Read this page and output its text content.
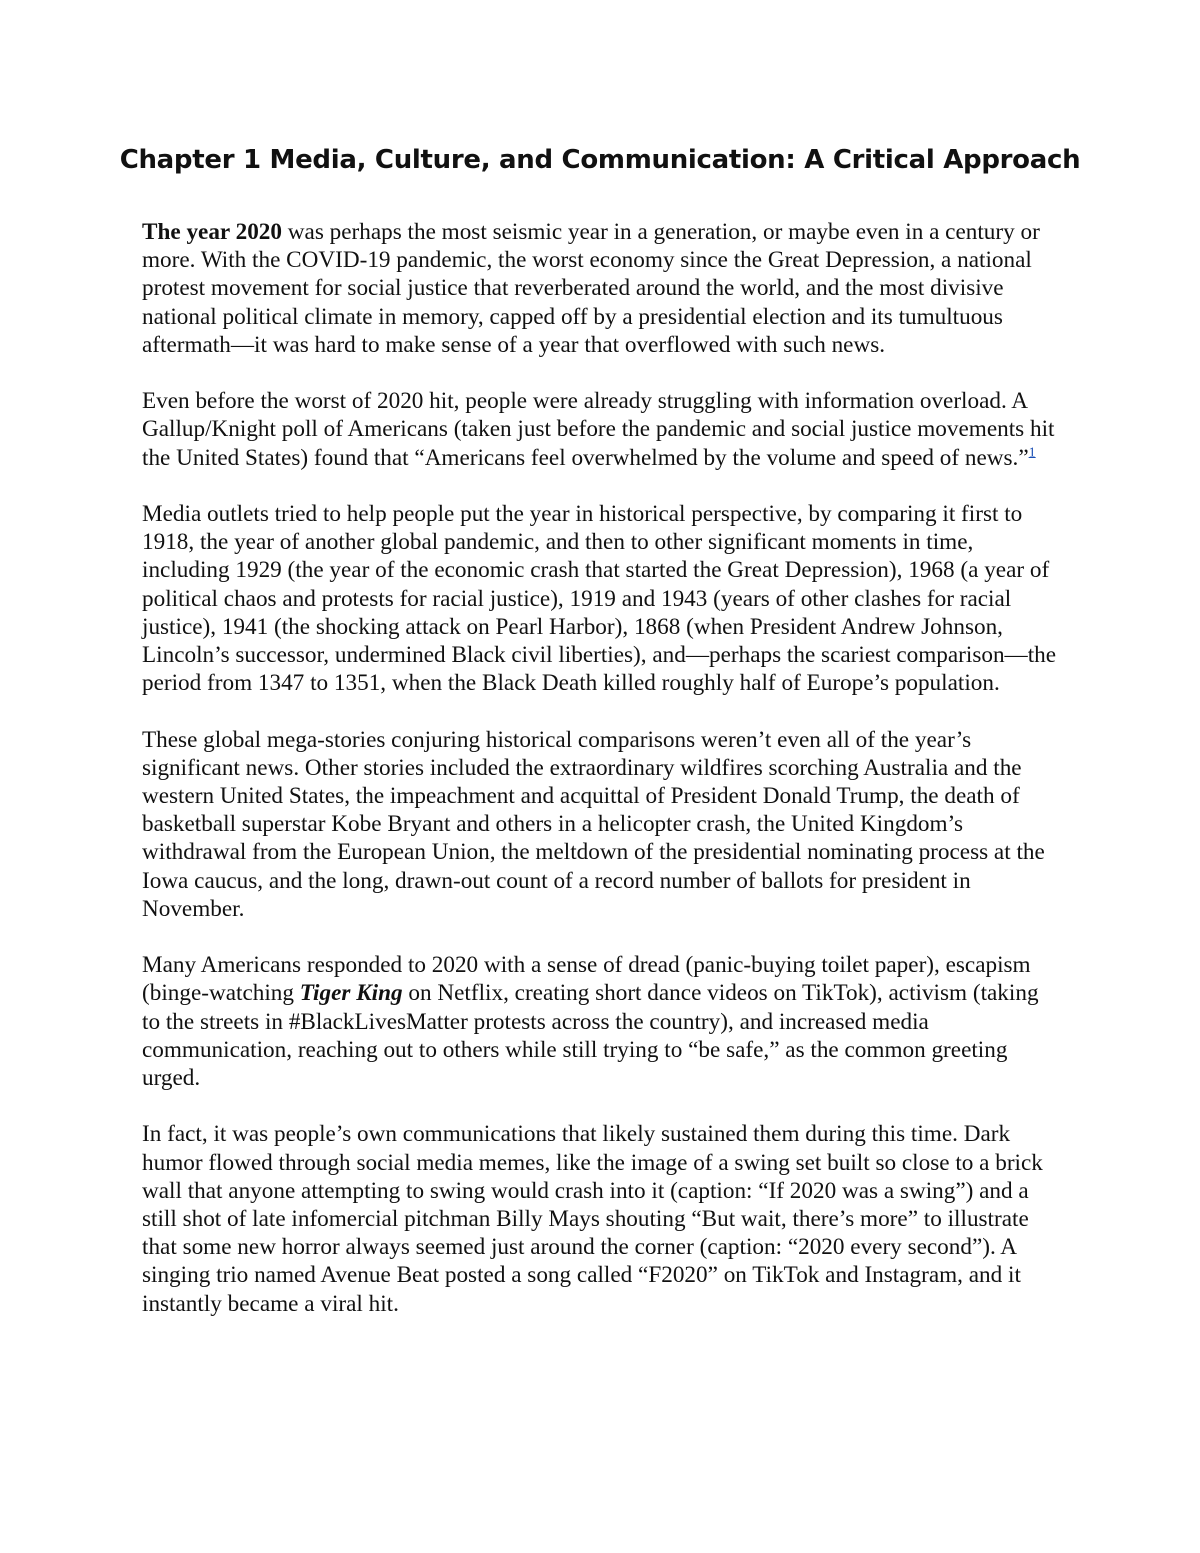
Chapter 1 Media, Culture, and Communication: A Critical Approach

The year 2020 was perhaps the most seismic year in a generation, or maybe even in a century or more. With the COVID-19 pandemic, the worst economy since the Great Depression, a national protest movement for social justice that reverberated around the world, and the most divisive national political climate in memory, capped off by a presidential election and its tumultuous aftermath—it was hard to make sense of a year that overflowed with such news.

Even before the worst of 2020 hit, people were already struggling with information overload. A Gallup/Knight poll of Americans (taken just before the pandemic and social justice movements hit the United States) found that “Americans feel overwhelmed by the volume and speed of news.”$^1$

Media outlets tried to help people put the year in historical perspective, by comparing it first to 1918, the year of another global pandemic, and then to other significant moments in time, including 1929 (the year of the economic crash that started the Great Depression), 1968 (a year of political chaos and protests for racial justice), 1919 and 1943 (years of other clashes for racial justice), 1941 (the shocking attack on Pearl Harbor), 1868 (when President Andrew Johnson, Lincoln’s successor, undermined Black civil liberties), and—perhaps the scariest comparison—the period from 1347 to 1351, when the Black Death killed roughly half of Europe’s population.

These global mega-stories conjuring historical comparisons weren’t even all of the year’s significant news. Other stories included the extraordinary wildfires scorching Australia and the western United States, the impeachment and acquittal of President Donald Trump, the death of basketball superstar Kobe Bryant and others in a helicopter crash, the United Kingdom’s withdrawal from the European Union, the meltdown of the presidential nominating process at the Iowa caucus, and the long, drawn-out count of a record number of ballots for president in November.

Many Americans responded to 2020 with a sense of dread (panic-buying toilet paper), escapism (binge-watching Tiger King on Netflix, creating short dance videos on TikTok), activism (taking to the streets in #BlackLivesMatter protests across the country), and increased media communication, reaching out to others while still trying to “be safe,” as the common greeting urged.

In fact, it was people’s own communications that likely sustained them during this time. Dark humor flowed through social media memes, like the image of a swing set built so close to a brick wall that anyone attempting to swing would crash into it (caption: “If 2020 was a swing”) and a still shot of late infomercial pitchman Billy Mays shouting “But wait, there’s more” to illustrate that some new horror always seemed just around the corner (caption: “2020 every second”). A singing trio named Avenue Beat posted a song called “F2020” on TikTok and Instagram, and it instantly became a viral hit.
